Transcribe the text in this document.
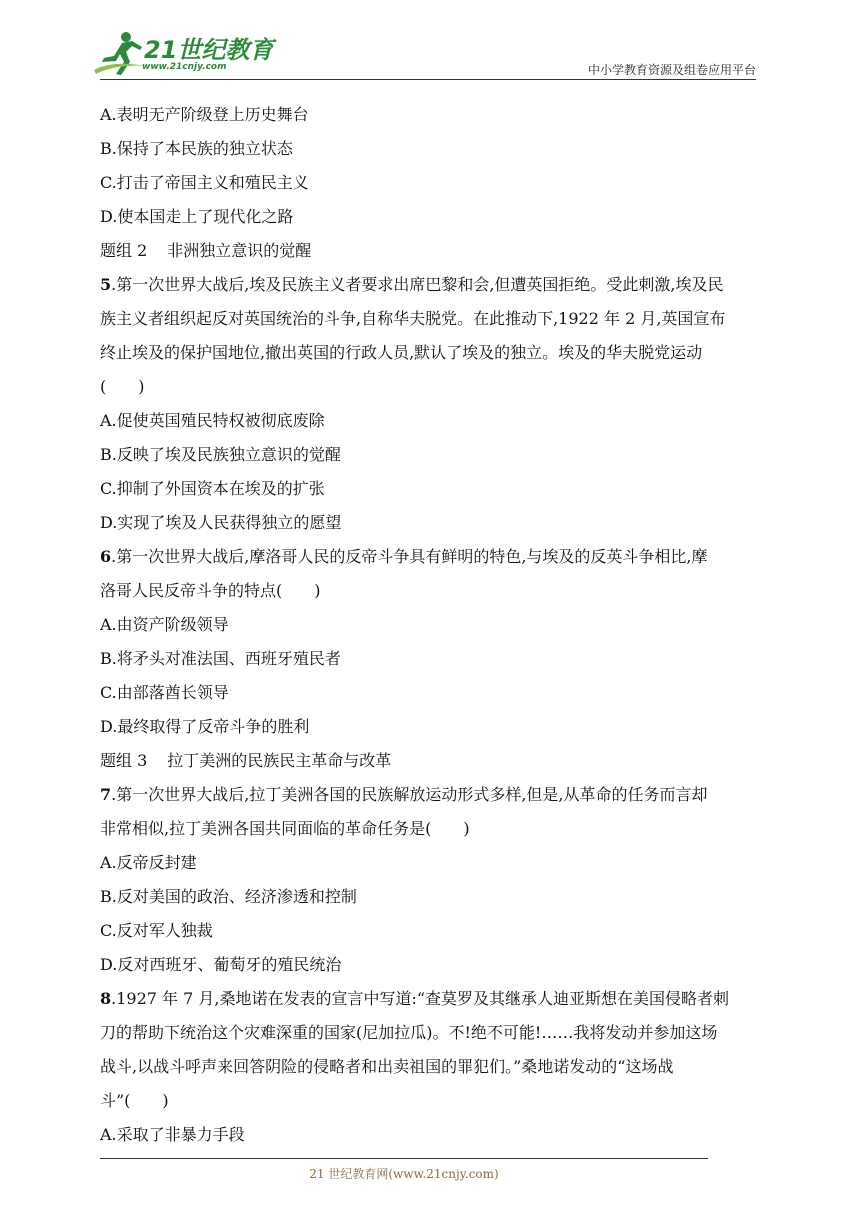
21世纪教育
www.21cnjy.com	中小学教育资源及组卷应用平台
A.表明无产阶级登上历史舞台
B.保持了本民族的独立状态
C.打击了帝国主义和殖民主义
D.使本国走上了现代化之路
题组 2 非洲独立意识的觉醒
5.第一次世界大战后,埃及民族主义者要求出席巴黎和会,但遭英国拒绝。受此刺激,埃及民
族主义者组织起反对英国统治的斗争,自称华夫脱党。在此推动下,1922 年 2 月,英国宣布
终止埃及的保护国地位,撤出英国的行政人员,默认了埃及的独立。埃及的华夫脱党运动
(　　)
A.促使英国殖民特权被彻底废除
B.反映了埃及民族独立意识的觉醒
C.抑制了外国资本在埃及的扩张
D.实现了埃及人民获得独立的愿望
6.第一次世界大战后,摩洛哥人民的反帝斗争具有鲜明的特色,与埃及的反英斗争相比,摩
洛哥人民反帝斗争的特点(　　)
A.由资产阶级领导
B.将矛头对准法国、西班牙殖民者
C.由部落酋长领导
D.最终取得了反帝斗争的胜利
题组 3 拉丁美洲的民族民主革命与改革
7.第一次世界大战后,拉丁美洲各国的民族解放运动形式多样,但是,从革命的任务而言却
非常相似,拉丁美洲各国共同面临的革命任务是(　　)
A.反帝反封建
B.反对美国的政治、经济渗透和控制
C.反对军人独裁
D.反对西班牙、葡萄牙的殖民统治
8.1927 年 7 月,桑地诺在发表的宣言中写道:“查莫罗及其继承人迪亚斯想在美国侵略者刺
刀的帮助下统治这个灾难深重的国家(尼加拉瓜)。不!绝不可能!……我将发动并参加这场
战斗,以战斗呼声来回答阴险的侵略者和出卖祖国的罪犯们。”桑地诺发动的“这场战
斗”(　　)
A.采取了非暴力手段
21 世纪教育网(www.21cnjy.com)
